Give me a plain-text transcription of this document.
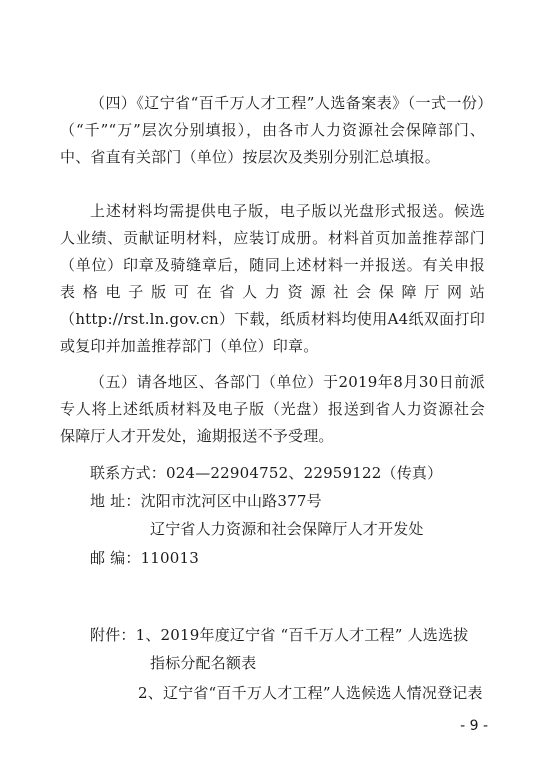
（四）《辽宁省“百千万人才工程”人选备案表》（一式一份）（“千”“万”层次分别填报），由各市人力资源社会保障部门、中、省直有关部门（单位）按层次及类别分别汇总填报。

上述材料均需提供电子版，电子版以光盘形式报送。候选人业绩、贡献证明材料，应装订成册。材料首页加盖推荐部门（单位）印章及骑缝章后，随同上述材料一并报送。有关申报表格电子版可在省人力资源社会保障厅网站（http://rst.ln.gov.cn）下载，纸质材料均使用A4纸双面打印或复印并加盖推荐部门（单位）印章。

（五）请各地区、各部门（单位）于2019年8月30日前派专人将上述纸质材料及电子版（光盘）报送到省人力资源社会保障厅人才开发处，逾期报送不予受理。

联系方式：024—22904752、22959122（传真）

地 址：沈阳市沈河区中山路377号

辽宁省人力资源和社会保障厅人才开发处

邮 编：110013

附件：1、2019年度辽宁省 “百千万人才工程” 人选选拔

指标分配名额表

2、辽宁省“百千万人才工程”人选候选人情况登记表

- 9 -
